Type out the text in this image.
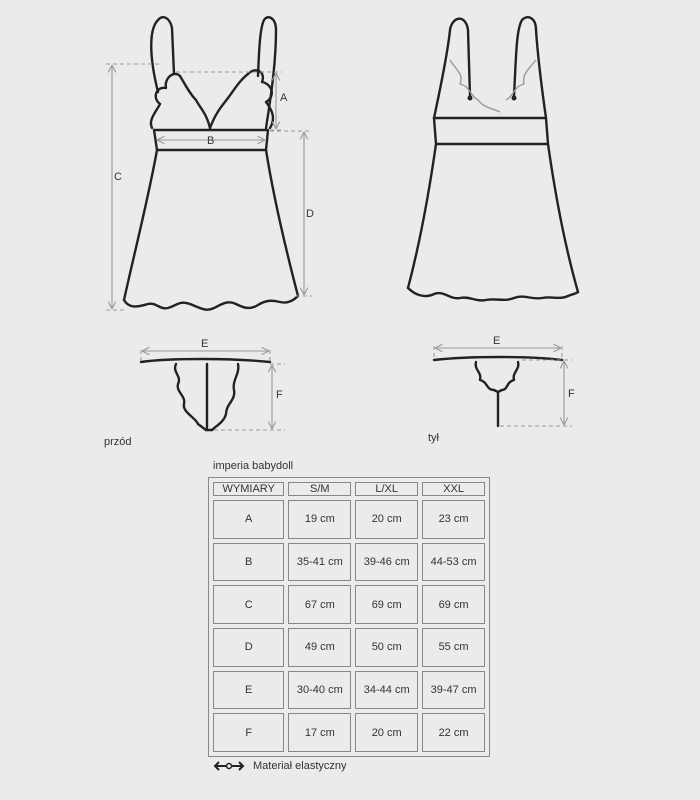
A
B
C
D
E
F
E
F
przód	tył
imperia babydoll
WYMIARY	S/M	L/XL	XXL
A	19 cm	20 cm	23 cm
B	35-41 cm	39-46 cm	44-53 cm
C	67 cm	69 cm	69 cm
D	49 cm	50 cm	55 cm
E	30-40 cm	34-44 cm	39-47 cm
F	17 cm	20 cm	22 cm
Materiał elastyczny
